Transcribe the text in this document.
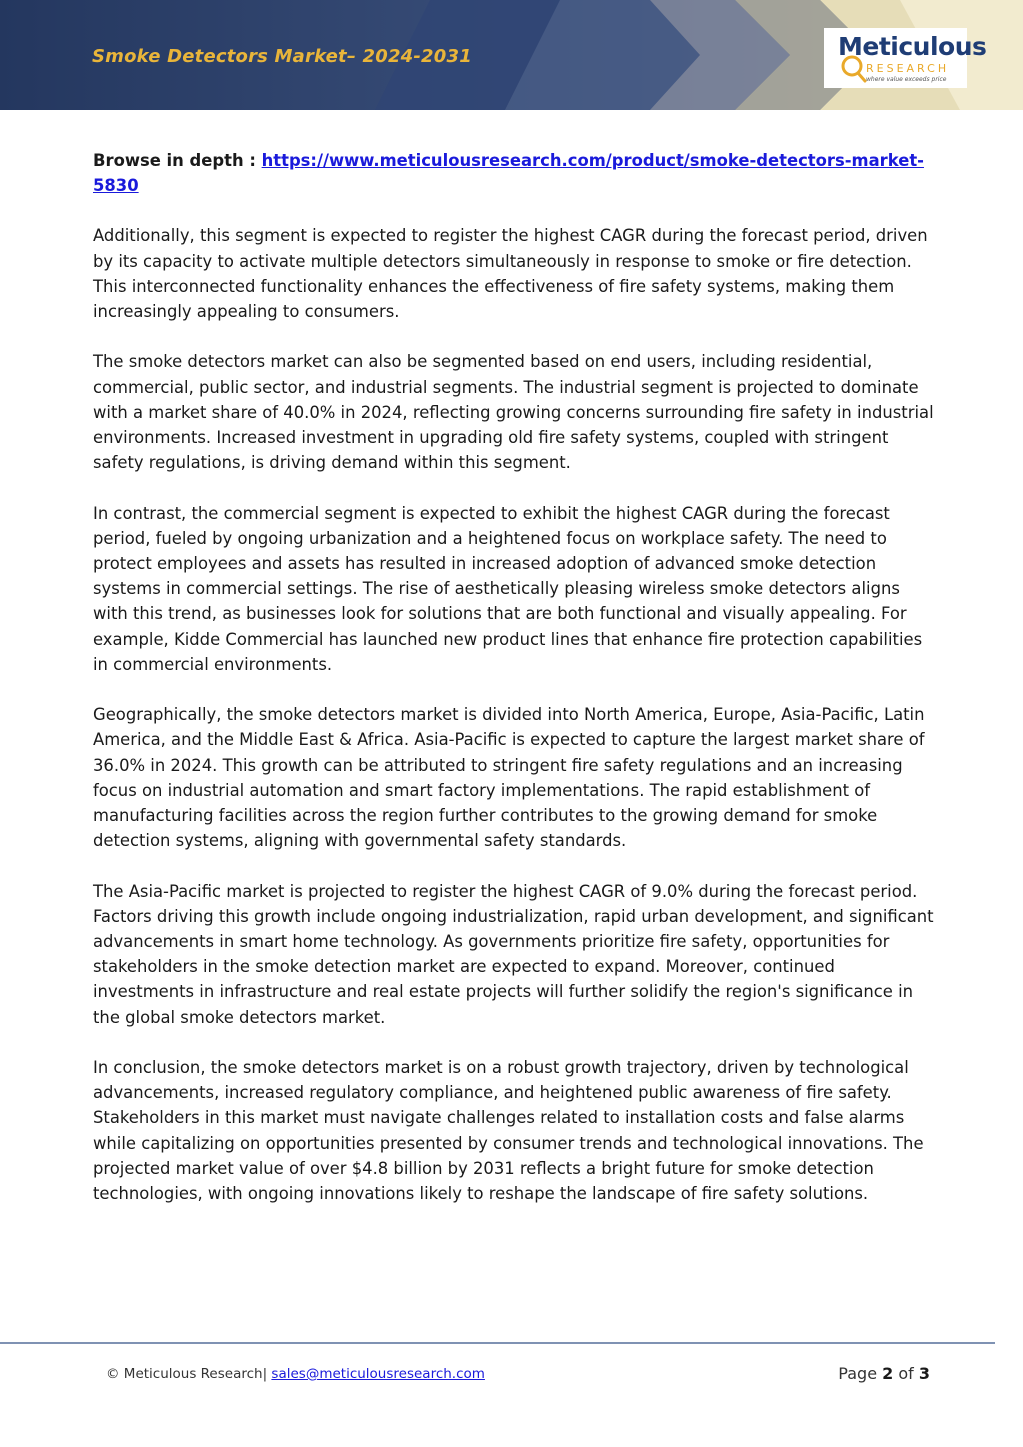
Smoke Detectors Market– 2024-2031	Meticulous
RESEARCH
where value exceeds price

Browse in depth : https://www.meticulousresearch.com/product/smoke-detectors-market-5830

Additionally, this segment is expected to register the highest CAGR during the forecast period, driven by its capacity to activate multiple detectors simultaneously in response to smoke or fire detection. This interconnected functionality enhances the effectiveness of fire safety systems, making them increasingly appealing to consumers.

The smoke detectors market can also be segmented based on end users, including residential, commercial, public sector, and industrial segments. The industrial segment is projected to dominate with a market share of 40.0% in 2024, reflecting growing concerns surrounding fire safety in industrial environments. Increased investment in upgrading old fire safety systems, coupled with stringent safety regulations, is driving demand within this segment.

In contrast, the commercial segment is expected to exhibit the highest CAGR during the forecast period, fueled by ongoing urbanization and a heightened focus on workplace safety. The need to protect employees and assets has resulted in increased adoption of advanced smoke detection systems in commercial settings. The rise of aesthetically pleasing wireless smoke detectors aligns with this trend, as businesses look for solutions that are both functional and visually appealing. For example, Kidde Commercial has launched new product lines that enhance fire protection capabilities in commercial environments.

Geographically, the smoke detectors market is divided into North America, Europe, Asia-Pacific, Latin America, and the Middle East & Africa. Asia-Pacific is expected to capture the largest market share of 36.0% in 2024. This growth can be attributed to stringent fire safety regulations and an increasing focus on industrial automation and smart factory implementations. The rapid establishment of manufacturing facilities across the region further contributes to the growing demand for smoke detection systems, aligning with governmental safety standards.

The Asia-Pacific market is projected to register the highest CAGR of 9.0% during the forecast period. Factors driving this growth include ongoing industrialization, rapid urban development, and significant advancements in smart home technology. As governments prioritize fire safety, opportunities for stakeholders in the smoke detection market are expected to expand. Moreover, continued investments in infrastructure and real estate projects will further solidify the region's significance in the global smoke detectors market.

In conclusion, the smoke detectors market is on a robust growth trajectory, driven by technological advancements, increased regulatory compliance, and heightened public awareness of fire safety. Stakeholders in this market must navigate challenges related to installation costs and false alarms while capitalizing on opportunities presented by consumer trends and technological innovations. The projected market value of over $4.8 billion by 2031 reflects a bright future for smoke detection technologies, with ongoing innovations likely to reshape the landscape of fire safety solutions.

© Meticulous Research| sales@meticulousresearch.com	Page 2 of 3
